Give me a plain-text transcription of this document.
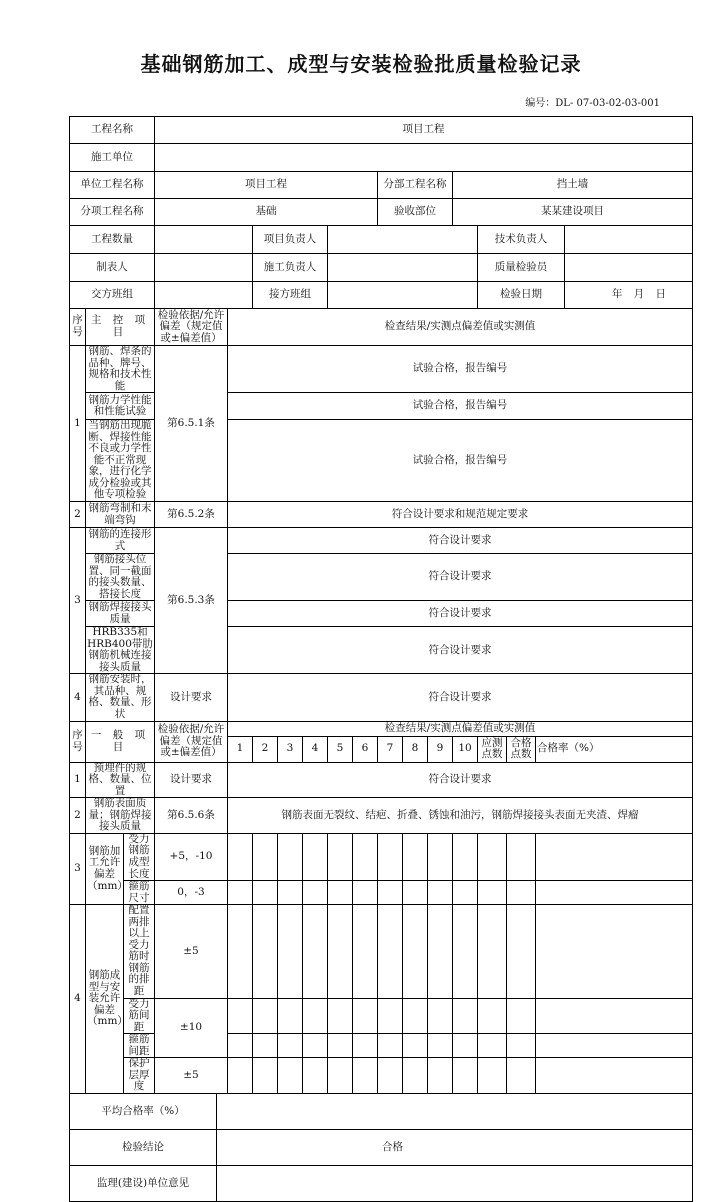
基础钢筋加工、成型与安装检验批质量检验记录
编号：DL- 07-03-02-03-001
工程名称			项目工程															
施工单位																		
单位工程名称			项目工程								分部工程名称			挡土墙				
分项工程名称			基础								验收部位			某某建设项目				
工程数量						项目负责人									技术负责人			
制表人						施工负责人									质量检验员			
交方班组						接方班组									检验日期			年 月 日
序号	主 控 项 目		检验依据/允许偏差（规定值或±偏差值）		检查结果/实测点偏差值或实测值													
1	钢筋、焊条的品种、牌号、规格和技术性能		第6.5.1条		试验合格，报告编号													
	钢筋力学性能和性能试验				试验合格，报告编号													
	当钢筋出现脆断、焊接性能不良或力学性能不正常现象，进行化学成分检验或其他专项检验				试验合格，报告编号													
2	钢筋弯制和末端弯钩		第6.5.2条		符合设计要求和规范规定要求													
3	钢筋的连接形式		第6.5.3条		符合设计要求													
	钢筋接头位置、同一截面的接头数量、搭接长度				符合设计要求													
	钢筋焊接接头质量				符合设计要求													
	HRB335和HRB400带肋钢筋机械连接接头质量				符合设计要求													
4	钢筋安装时，其品种、规格、数量、形状		设计要求		符合设计要求													
序号	一 般 项 目		检验依据/允许偏差（规定值或±偏差值）		检查结果/实测点偏差值或实测值													
					1	2	3	4	5	6	7	8	9	10	应测点数	合格点数	合格率（%）	
1	预埋件的规格、数量、位置		设计要求		符合设计要求													
2	钢筋表面质量；钢筋焊接接头质量		第6.5.6条		钢筋表面无裂纹、结疤、折叠、锈蚀和油污，钢筋焊接接头表面无夹渣、焊瘤													
3	钢筋加工允许偏差（mm）	受力钢筋成型长度	+5，-10															
		箍筋尺寸	0，-3															
4	钢筋成型与安装允许偏差（mm）	配置两排以上受力筋时钢筋的排距	±5															
		受力筋间距	±10															
		箍筋间距																
		保护层厚度	±5															
平均合格率（%）																		
检验结论				合格														
监理(建设)单位意见																		
